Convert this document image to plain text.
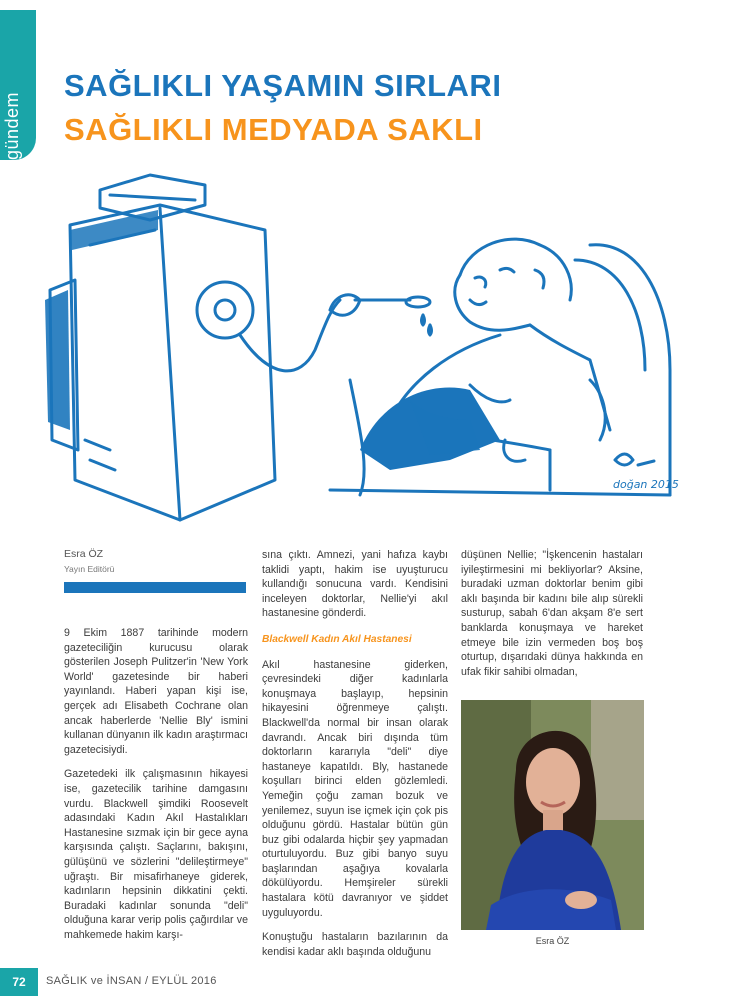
gündem
SAĞLIKLI YAŞAMIN SIRLARI
SAĞLIKLI MEDYADA SAKLI
doğan 2015
Esra ÖZ
Yayın Editörü

9 Ekim 1887 tarihinde modern gazeteciliğin kurucusu olarak gösterilen Joseph Pulitzer'in 'New York World' gazetesinde bir haberi yayınlandı. Haberi yapan kişi ise, gerçek adı Elisabeth Cochrane olan ancak haberlerde 'Nellie Bly' ismini kullanan dünyanın ilk kadın araştırmacı gazetecisiydi.

Gazetedeki ilk çalışmasının hikayesi ise, gazetecilik tarihine damgasını vurdu. Blackwell şimdiki Roosevelt adasındaki Kadın Akıl Hastalıkları Hastanesine sızmak için bir gece ayna karşısında çalıştı. Saçlarını, bakışını, gülüşünü ve sözlerini "delileştirmeye" uğraştı. Bir misafirhaneye giderek, kadınların hepsinin dikkatini çekti. Buradaki kadınlar sonunda "deli" olduğuna karar verip polis çağırdılar ve mahkemede hakim karşı-

sına çıktı. Amnezi, yani hafıza kaybı taklidi yaptı, hakim ise uyuşturucu kullandığı sonucuna vardı. Kendisini inceleyen doktorlar, Nellie'yi akıl hastanesine gönderdi.

Blackwell Kadın Akıl Hastanesi

Akıl hastanesine giderken, çevresindeki diğer kadınlarla konuşmaya başlayıp, hepsinin hikayesini öğrenmeye çalıştı. Blackwell'da normal bir insan olarak davrandı. Ancak biri dışında tüm doktorların kararıyla "deli" diye hastaneye kapatıldı. Bly, hastanede koşulları birinci elden gözlemledi. Yemeğin çoğu zaman bozuk ve yenilemez, suyun ise içmek için çok pis olduğunu gördü. Hastalar bütün gün buz gibi odalarda hiçbir şey yapmadan oturtuluyordu. Buz gibi banyo suyu başlarından aşağıya kovalarla dökülüyordu. Hemşireler sürekli hastalara kötü davranıyor ve şiddet uyguluyordu.

Konuştuğu hastaların bazılarının da kendisi kadar aklı başında olduğunu

düşünen Nellie; "İşkencenin hastaları iyileştirmesini mi bekliyorlar? Aksine, buradaki uzman doktorlar benim gibi aklı başında bir kadını bile alıp sürekli susturup, sabah 6'dan akşam 8'e sert banklarda konuşmaya ve hareket etmeye bile izin vermeden boş boş oturtup, dışarıdaki dünya hakkında en ufak fikir sahibi olmadan,

Esra ÖZ
72	SAĞLIK ve İNSAN / EYLÜL 2016
